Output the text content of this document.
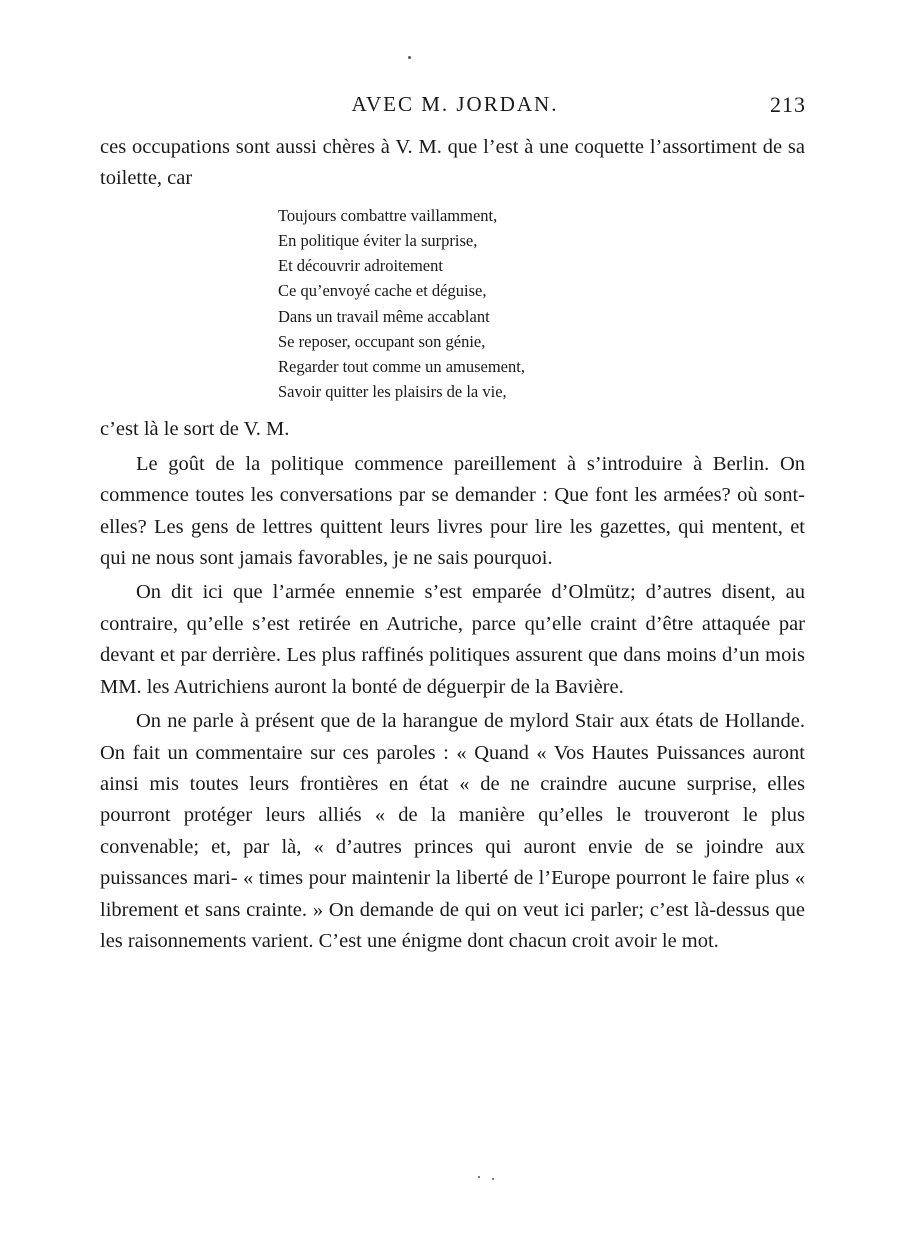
AVEC M. JORDAN.	213

ces occupations sont aussi chères à V. M. que l’est à une coquette l’assortiment de sa toilette, car

Toujours combattre vaillamment,
En politique éviter la surprise,
Et découvrir adroitement
Ce qu’envoyé cache et déguise,
Dans un travail même accablant
Se reposer, occupant son génie,
Regarder tout comme un amusement,
Savoir quitter les plaisirs de la vie,

c’est là le sort de V. M.

Le goût de la politique commence pareillement à s’introduire à Berlin. On commence toutes les conversations par se demander : Que font les armées? où sont-elles? Les gens de lettres quittent leurs livres pour lire les gazettes, qui mentent, et qui ne nous sont jamais favorables, je ne sais pourquoi.

On dit ici que l’armée ennemie s’est emparée d’Olmütz; d’autres disent, au contraire, qu’elle s’est retirée en Autriche, parce qu’elle craint d’être attaquée par devant et par derrière. Les plus raffinés politiques assurent que dans moins d’un mois MM. les Autrichiens auront la bonté de déguerpir de la Bavière.

On ne parle à présent que de la harangue de mylord Stair aux états de Hollande. On fait un commentaire sur ces paroles : « Quand « Vos Hautes Puissances auront ainsi mis toutes leurs frontières en état « de ne craindre aucune surprise, elles pourront protéger leurs alliés « de la manière qu’elles le trouveront le plus convenable; et, par là, « d’autres princes qui auront envie de se joindre aux puissances mari- « times pour maintenir la liberté de l’Europe pourront le faire plus « librement et sans crainte. » On demande de qui on veut ici parler; c’est là-dessus que les raisonnements varient. C’est une énigme dont chacun croit avoir le mot.
